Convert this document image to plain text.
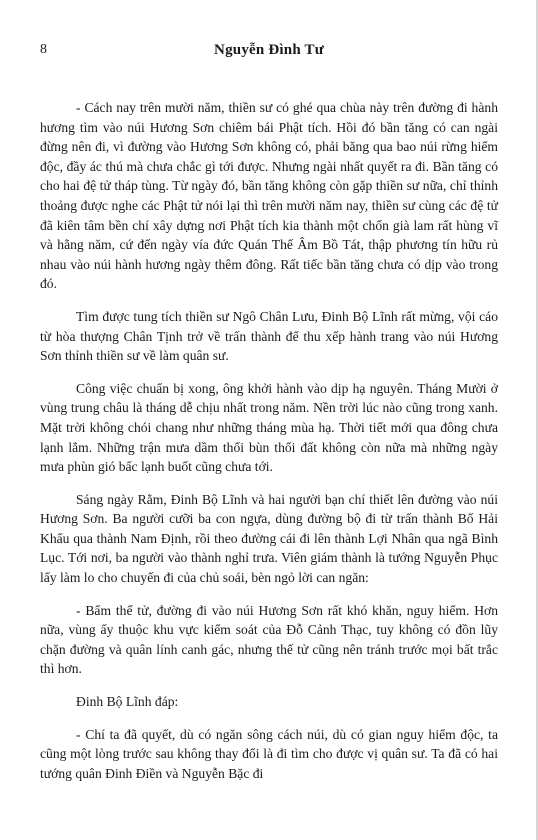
8	Nguyễn Đình Tư

- Cách nay trên mười năm, thiền sư có ghé qua chùa này trên đường đi hành hương tìm vào núi Hương Sơn chiêm bái Phật tích. Hồi đó bần tăng có can ngài đừng nên đi, vì đường vào Hương Sơn không có, phải băng qua bao núi rừng hiểm độc, đầy ác thú mà chưa chắc gì tới được. Nhưng ngài nhất quyết ra đi. Bần tăng có cho hai đệ tử tháp tùng. Từ ngày đó, bần tăng không còn gặp thiền sư nữa, chỉ thỉnh thoảng được nghe các Phật tử nói lại thì trên mười năm nay, thiền sư cùng các đệ tử đã kiên tâm bền chí xây dựng nơi Phật tích kia thành một chốn già lam rất hùng vĩ và hằng năm, cứ đến ngày vía đức Quán Thế Âm Bồ Tát, thập phương tín hữu rủ nhau vào núi hành hương ngày thêm đông. Rất tiếc bần tăng chưa có dịp vào trong đó.

Tìm được tung tích thiền sư Ngô Chân Lưu, Đinh Bộ Lĩnh rất mừng, vội cáo từ hòa thượng Chân Tịnh trở về trấn thành để thu xếp hành trang vào núi Hương Sơn thỉnh thiền sư về làm quân sư.

Công việc chuẩn bị xong, ông khởi hành vào dịp hạ nguyên. Tháng Mười ở vùng trung châu là tháng dễ chịu nhất trong năm. Nền trời lúc nào cũng trong xanh. Mặt trời không chói chang như những tháng mùa hạ. Thời tiết mới qua đông chưa lạnh lắm. Những trận mưa dầm thối bùn thối đất không còn nữa mà những ngày mưa phùn gió bấc lạnh buốt cũng chưa tới.

Sáng ngày Rằm, Đinh Bộ Lĩnh và hai người bạn chí thiết lên đường vào núi Hương Sơn. Ba người cưỡi ba con ngựa, dùng đường bộ đi từ trấn thành Bố Hải Khẩu qua thành Nam Định, rồi theo đường cái đi lên thành Lợi Nhân qua ngã Bình Lục. Tới nơi, ba người vào thành nghỉ trưa. Viên giám thành là tướng Nguyễn Phục lấy làm lo cho chuyến đi của chủ soái, bèn ngỏ lời can ngăn:

- Bẩm thế tử, đường đi vào núi Hương Sơn rất khó khăn, nguy hiểm. Hơn nữa, vùng ấy thuộc khu vực kiểm soát của Đỗ Cảnh Thạc, tuy không có đồn lũy chặn đường và quân lính canh gác, nhưng thế tử cũng nên tránh trước mọi bất trắc thì hơn.

Đinh Bộ Lĩnh đáp:

- Chí ta đã quyết, dù có ngăn sông cách núi, dù có gian nguy hiểm độc, ta cũng một lòng trước sau không thay đổi là đi tìm cho được vị quân sư. Ta đã có hai tướng quân Đinh Điền và Nguyễn Bặc đi
